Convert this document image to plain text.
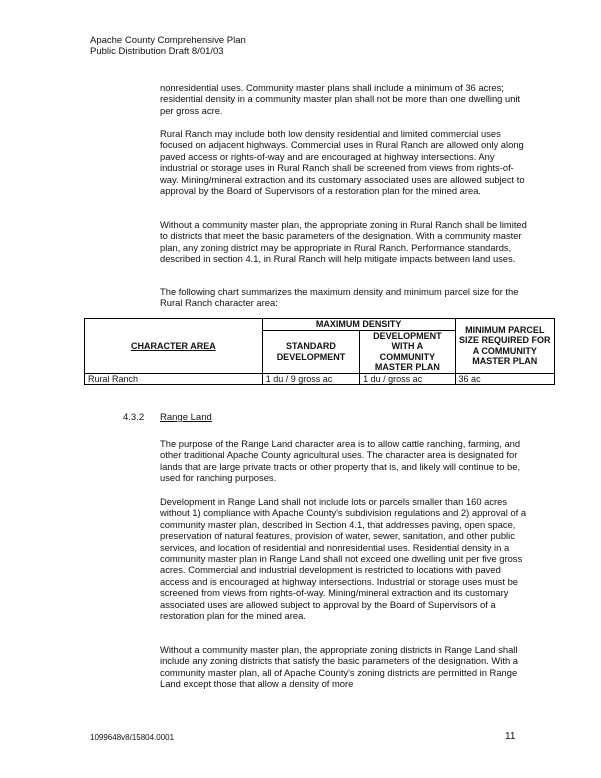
Apache County Comprehensive Plan
Public Distribution Draft 8/01/03

nonresidential uses. Community master plans shall include a minimum of 36 acres; residential density in a community master plan shall not be more than one dwelling unit per gross acre.

Rural Ranch may include both low density residential and limited commercial uses focused on adjacent highways. Commercial uses in Rural Ranch are allowed only along paved access or rights-of-way and are encouraged at highway intersections. Any industrial or storage uses in Rural Ranch shall be screened from views from rights-of-way. Mining/mineral extraction and its customary associated uses are allowed subject to approval by the Board of Supervisors of a restoration plan for the mined area.

Without a community master plan, the appropriate zoning in Rural Ranch shall be limited to districts that meet the basic parameters of the designation. With a community master plan, any zoning district may be appropriate in Rural Ranch. Performance standards, described in section 4.1, in Rural Ranch will help mitigate impacts between land uses.

The following chart summarizes the maximum density and minimum parcel size for the Rural Ranch character area:

CHARACTER AREA	MAXIMUM DENSITY		MINIMUM PARCEL SIZE REQUIRED FOR A COMMUNITY MASTER PLAN
	STANDARD DEVELOPMENT	DEVELOPMENT WITH A COMMUNITY MASTER PLAN	
Rural Ranch	1 du / 9 gross ac	1 du / gross ac	36 ac
4.3.2 Range Land

The purpose of the Range Land character area is to allow cattle ranching, farming, and other traditional Apache County agricultural uses. The character area is designated for lands that are large private tracts or other property that is, and likely will continue to be, used for ranching purposes.

Development in Range Land shall not include lots or parcels smaller than 160 acres without 1) compliance with Apache County's subdivision regulations and 2) approval of a community master plan, described in Section 4.1, that addresses paving, open space, preservation of natural features, provision of water, sewer, sanitation, and other public services, and location of residential and nonresidential uses. Residential density in a community master plan in Range Land shall not exceed one dwelling unit per five gross acres. Commercial and industrial development is restricted to locations with paved access and is encouraged at highway intersections. Industrial or storage uses must be screened from views from rights-of-way. Mining/mineral extraction and its customary associated uses are allowed subject to approval by the Board of Supervisors of a restoration plan for the mined area.

Without a community master plan, the appropriate zoning districts in Range Land shall include any zoning districts that satisfy the basic parameters of the designation. With a community master plan, all of Apache County's zoning districts are permitted in Range Land except those that allow a density of more

1099648v8/15804.0001	11
